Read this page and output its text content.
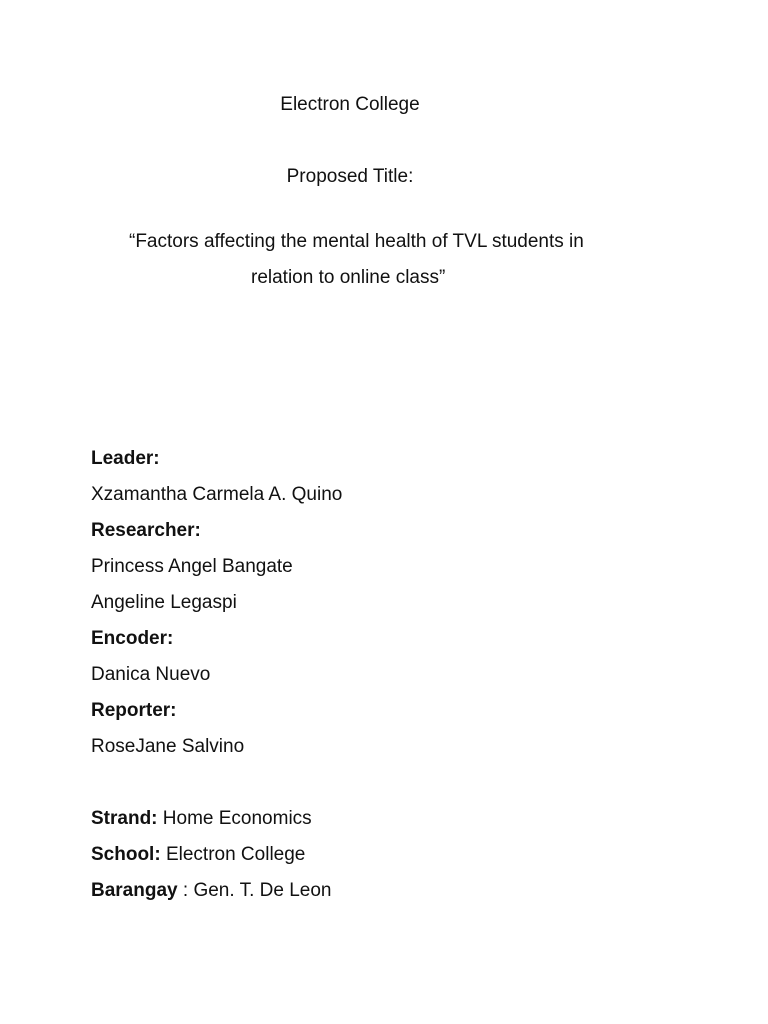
Electron College

Proposed Title:

“Factors affecting the mental health of TVL students in

relation to online class”

Leader:

Xzamantha Carmela A. Quino

Researcher:

Princess Angel Bangate

Angeline Legaspi

Encoder:

Danica Nuevo

Reporter:

RoseJane Salvino

Strand: Home Economics

School: Electron College

Barangay : Gen. T. De Leon
